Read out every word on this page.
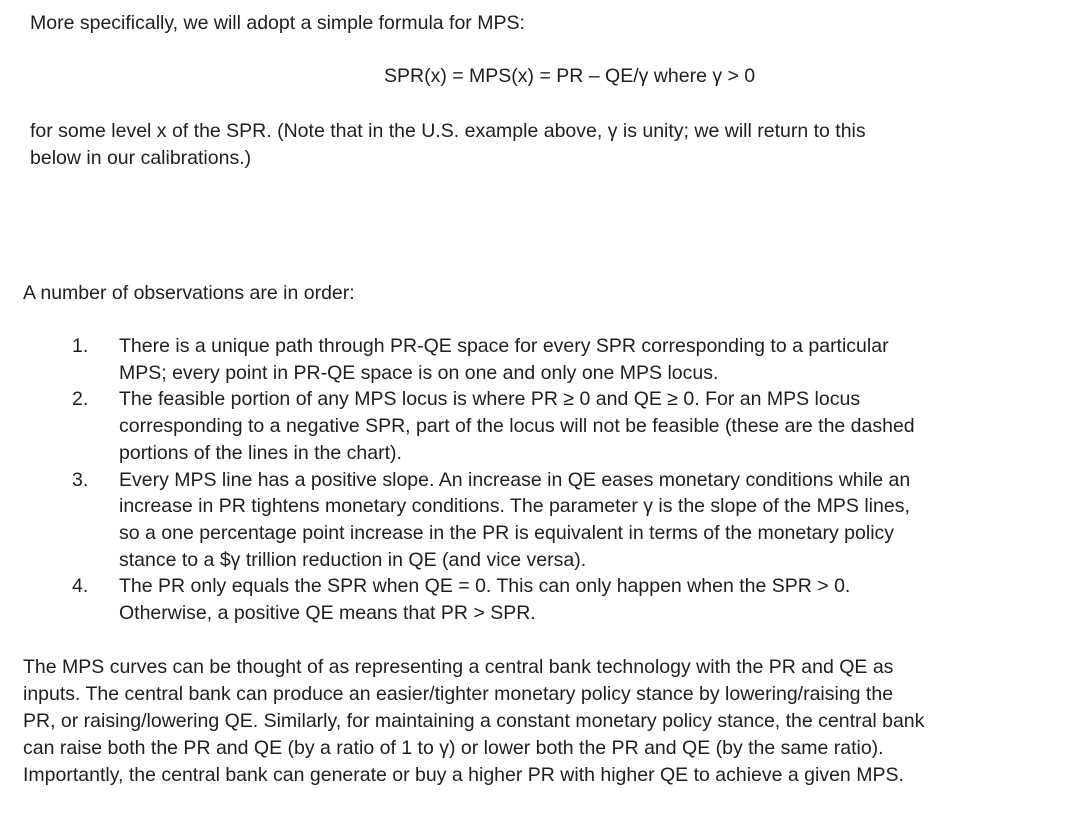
More specifically, we will adopt a simple formula for MPS:

SPR(x) = MPS(x) = PR – QE/γ where γ > 0

for some level x of the SPR. (Note that in the U.S. example above, γ is unity; we will return to this
below in our calibrations.)

A number of observations are in order:

1. There is a unique path through PR-QE space for every SPR corresponding to a particular
MPS; every point in PR-QE space is on one and only one MPS locus.
2. The feasible portion of any MPS locus is where PR ≥ 0 and QE ≥ 0. For an MPS locus
corresponding to a negative SPR, part of the locus will not be feasible (these are the dashed
portions of the lines in the chart).
3. Every MPS line has a positive slope. An increase in QE eases monetary conditions while an
increase in PR tightens monetary conditions. The parameter γ is the slope of the MPS lines,
so a one percentage point increase in the PR is equivalent in terms of the monetary policy
stance to a $γ trillion reduction in QE (and vice versa).
4. The PR only equals the SPR when QE = 0. This can only happen when the SPR > 0.
Otherwise, a positive QE means that PR > SPR.

The MPS curves can be thought of as representing a central bank technology with the PR and QE as
inputs. The central bank can produce an easier/tighter monetary policy stance by lowering/raising the
PR, or raising/lowering QE. Similarly, for maintaining a constant monetary policy stance, the central bank
can raise both the PR and QE (by a ratio of 1 to γ) or lower both the PR and QE (by the same ratio).
Importantly, the central bank can generate or buy a higher PR with higher QE to achieve a given MPS.
